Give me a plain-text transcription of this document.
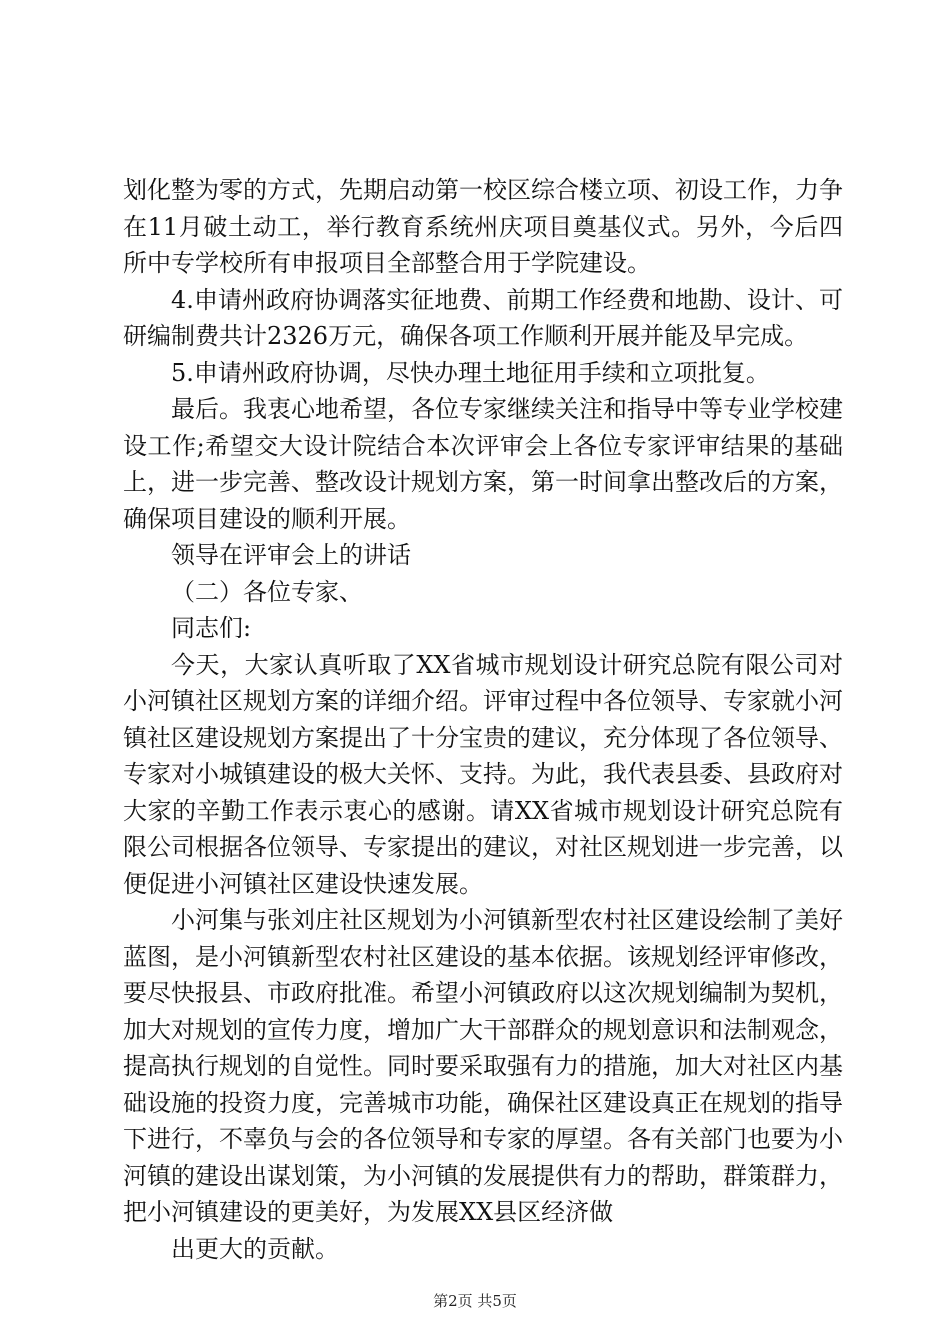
划化整为零的方式，先期启动第一校区综合楼立项、初设工作，力争在11月破土动工，举行教育系统州庆项目奠基仪式。另外，今后四所中专学校所有申报项目全部整合用于学院建设。

4.申请州政府协调落实征地费、前期工作经费和地勘、设计、可研编制费共计2326万元，确保各项工作顺利开展并能及早完成。

5.申请州政府协调，尽快办理土地征用手续和立项批复。

最后。我衷心地希望，各位专家继续关注和指导中等专业学校建设工作;希望交大设计院结合本次评审会上各位专家评审结果的基础上，进一步完善、整改设计规划方案，第一时间拿出整改后的方案，确保项目建设的顺利开展。

领导在评审会上的讲话

（二）各位专家、

同志们:

今天，大家认真听取了XX省城市规划设计研究总院有限公司对小河镇社区规划方案的详细介绍。评审过程中各位领导、专家就小河镇社区建设规划方案提出了十分宝贵的建议，充分体现了各位领导、专家对小城镇建设的极大关怀、支持。为此，我代表县委、县政府对大家的辛勤工作表示衷心的感谢。请XX省城市规划设计研究总院有限公司根据各位领导、专家提出的建议，对社区规划进一步完善，以便促进小河镇社区建设快速发展。

小河集与张刘庄社区规划为小河镇新型农村社区建设绘制了美好蓝图，是小河镇新型农村社区建设的基本依据。该规划经评审修改，要尽快报县、市政府批准。希望小河镇政府以这次规划编制为契机，加大对规划的宣传力度，增加广大干部群众的规划意识和法制观念，提高执行规划的自觉性。同时要采取强有力的措施，加大对社区内基础设施的投资力度，完善城市功能，确保社区建设真正在规划的指导下进行，不辜负与会的各位领导和专家的厚望。各有关部门也要为小河镇的建设出谋划策，为小河镇的发展提供有力的帮助，群策群力，把小河镇建设的更美好，为发展XX县区经济做

出更大的贡献。

第2页 共5页
